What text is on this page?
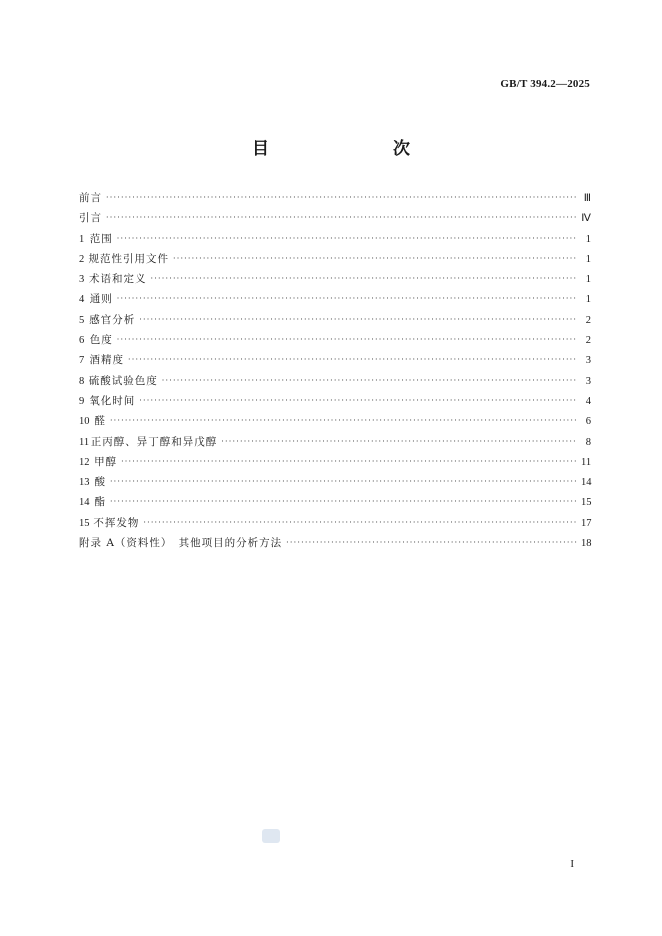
GB/T 394.2—2025
目　　次
前言 ·····	Ⅲ
引言 ·····	Ⅳ
1 范围 ·····	1
2 规范性引用文件 ·····	1
3 术语和定义 ·····	1
4 通则 ·····	1
5 感官分析 ·····	2
6 色度 ·····	2
7 酒精度 ·····	3
8 硫酸试验色度 ·····	3
9 氧化时间 ·····	4
10 醛 ·····	6
11 正丙醇、异丁醇和异戊醇 ·····	8
12 甲醇 ·····	11
13 酸 ·····	14
14 酯 ·····	15
15 不挥发物 ·····	17
附录 A（资料性）　其他项目的分析方法 ·····	18
I
